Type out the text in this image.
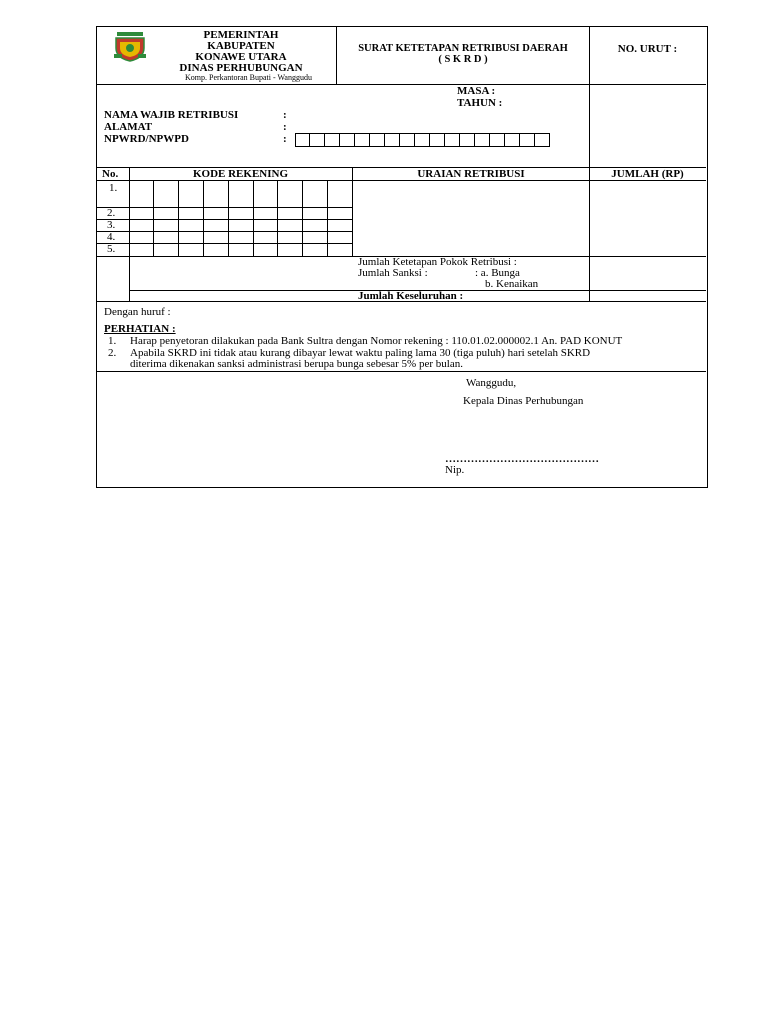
PEMERINTAH
KABUPATEN
KONAWE UTARA
DINAS PERHUBUNGAN
Komp. Perkantoran Bupati - Wanggudu
SURAT KETETAPAN RETRIBUSI DAERAH
( S K R D )
NO. URUT :
MASA :
TAHUN :
NAMA WAJIB RETRIBUSI	:
ALAMAT	:
NPWRD/NPWPD	:
No.	KODE REKENING	URAIAN RETRIBUSI	JUMLAH (RP)
1.
2.
3.
4.
5.
Jumlah Ketetapan Pokok Retribusi :
Jumlah Sanksi :	: a. Bunga
b. Kenaikan
Jumlah Keseluruhan :
Dengan huruf :
PERHATIAN :
1. Harap penyetoran dilakukan pada Bank Sultra dengan Nomor rekening : 110.01.02.000002.1 An. PAD KONUT
2. Apabila SKRD ini tidak atau kurang dibayar lewat waktu paling lama 30 (tiga puluh) hari setelah SKRD
diterima dikenakan sanksi administrasi berupa bunga sebesar 5% per bulan.
Wanggudu,
Kepala Dinas Perhubungan
……………………………………
Nip.
